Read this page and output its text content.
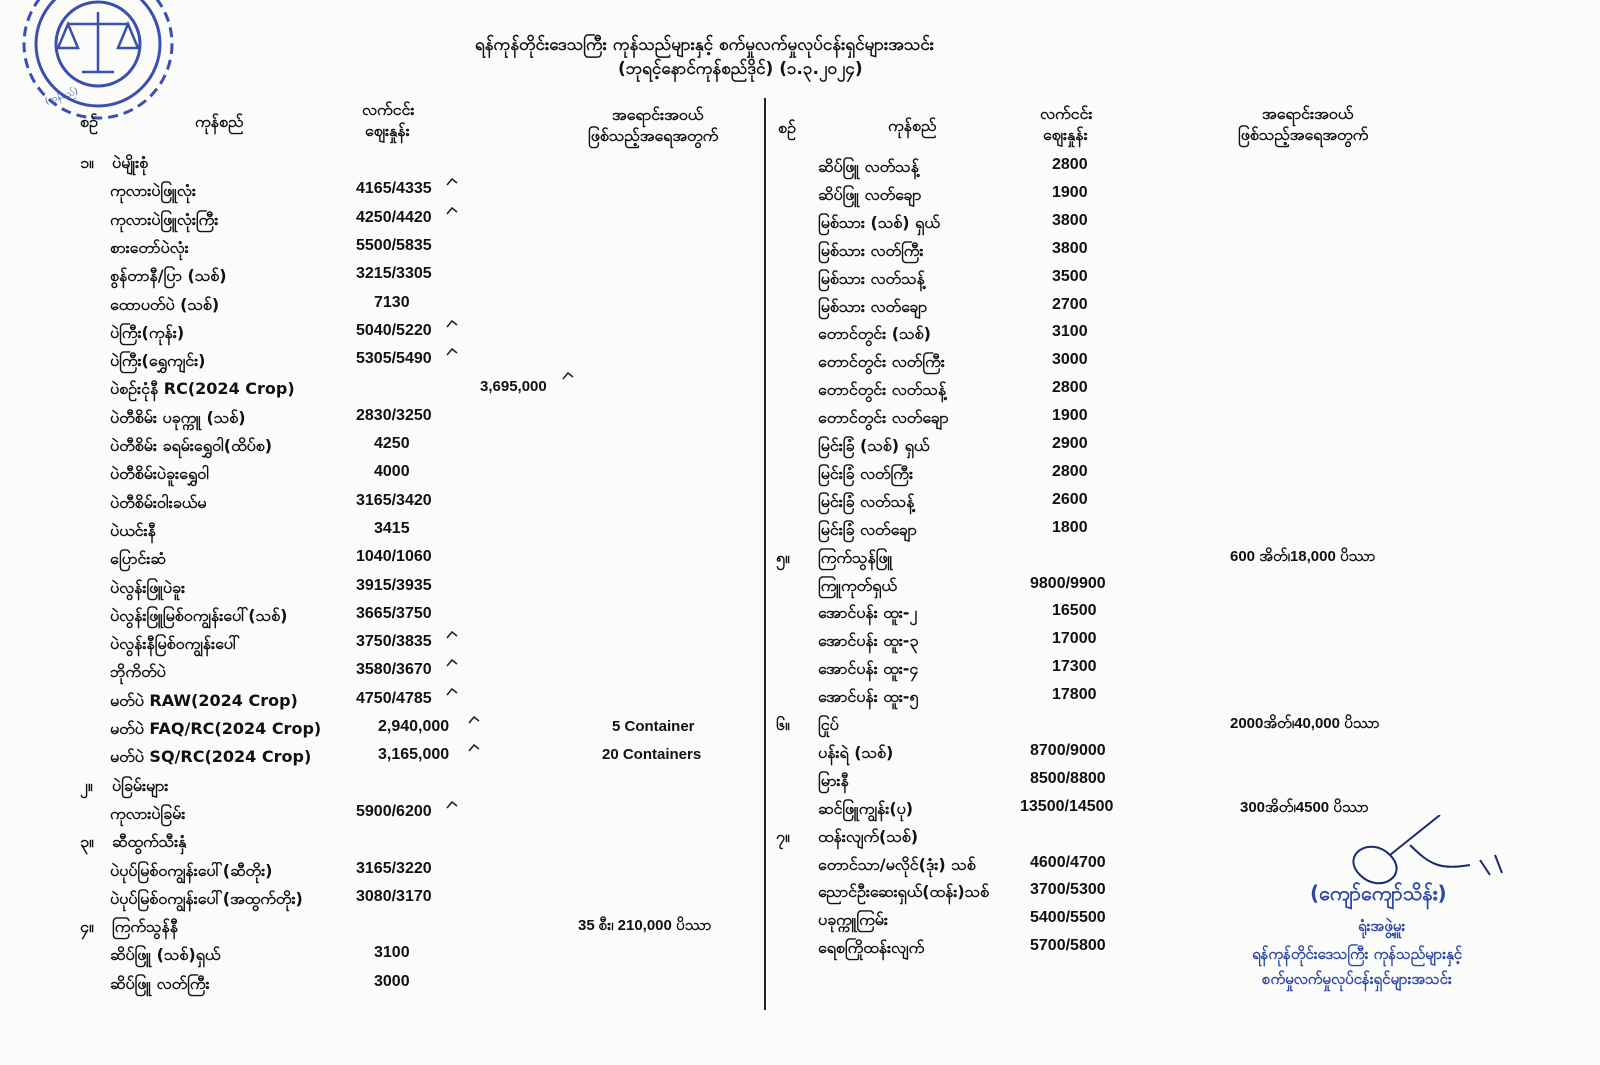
(ကုန်စည်)
ရန်ကုန်တိုင်းဒေသကြီး ကုန်သည်များနှင့် စက်မှုလက်မှုလုပ်ငန်းရှင်များအသင်း
(ဘုရင့်နောင်ကုန်စည်ဒိုင်) (၁.၃.၂၀၂၄)
စဉ်	ကုန်စည်
လက်ငင်း
ဈေးနှုန်း
အရောင်းအဝယ်
ဖြစ်သည့်အရေအတွက်	စဉ်	ကုန်စည်
လက်ငင်း
ဈေးနှုန်း
အရောင်းအဝယ်
ဖြစ်သည့်အရေအတွက်
၁။ ပဲမျိုးစုံ
ကုလားပဲဖြူလုံး	4165/4335
ကုလားပဲဖြူလုံးကြီး	4250/4420
စားတော်ပဲလုံး	5500/5835
စွန်တာနီ/ပြာ (သစ်)	3215/3305
ထောပတ်ပဲ (သစ်)	7130
ပဲကြီး(ကုန်း)	5040/5220
ပဲကြီး(ရွှေကျင်း)	5305/5490
ပဲစဉ်းငုံနီ RC(2024 Crop)	3,695,000
ပဲတီစိမ်း ပခုက္ကူ (သစ်)	2830/3250
ပဲတီစိမ်း ခရမ်းရွှေဝါ(ထိပ်စ)	4250
ပဲတီစိမ်းပဲခူးရွှေဝါ	4000
ပဲတီစိမ်းဝါးခယ်မ	3165/3420
ပဲယင်းနီ	3415
ပြောင်းဆံ	1040/1060
ပဲလွန်းဖြူပဲခူး	3915/3935
ပဲလွန်းဖြူမြစ်ဝကျွန်းပေါ်(သစ်)	3665/3750
ပဲလွန်းနီမြစ်ဝကျွန်းပေါ်	3750/3835
ဘိုကိတ်ပဲ	3580/3670
မတ်ပဲ RAW(2024 Crop)	4750/4785
မတ်ပဲ FAQ/RC(2024 Crop)	2,940,000	5 Container
မတ်ပဲ SQ/RC(2024 Crop)	3,165,000	20 Containers
၂။ ပဲခြမ်းများ
ကုလားပဲခြမ်း	5900/6200
၃။ ဆီထွက်သီးနှံ
ပဲပုပ်မြစ်ဝကျွန်းပေါ်(ဆီတိုး)	3165/3220
ပဲပုပ်မြစ်ဝကျွန်းပေါ်(အထွက်တိုး)	3080/3170
၄။ ကြက်သွန်နီ	35 စီး၊ 210,000 ပိဿာ
ဆိပ်ဖြူ (သစ်)ရှယ်	3100
ဆိပ်ဖြူ လတ်ကြီး	3000
ဆိပ်ဖြူ လတ်သန့်	2800
ဆိပ်ဖြူ လတ်ချော	1900
မြစ်သား (သစ်) ရှယ်	3800
မြစ်သား လတ်ကြီး	3800
မြစ်သား လတ်သန့်	3500
မြစ်သား လတ်ချော	2700
တောင်တွင်း (သစ်)	3100
တောင်တွင်း လတ်ကြီး	3000
တောင်တွင်း လတ်သန့်	2800
တောင်တွင်း လတ်ချော	1900
မြင်းခြံ (သစ်) ရှယ်	2900
မြင်းခြံ လတ်ကြီး	2800
မြင်းခြံ လတ်သန့်	2600
မြင်းခြံ လတ်ချော	1800
၅။ ကြက်သွန်ဖြူ	600 အိတ်၊18,000 ပိဿာ
ကြူကုတ်ရှယ်	9800/9900
အောင်ပန်း ထူး-၂	16500
အောင်ပန်း ထူး-၃	17000
အောင်ပန်း ထူး-၄	17300
အောင်ပန်း ထူး-၅	17800
၆။ ငြုပ်	2000အိတ်၊40,000 ပိဿာ
ပန်းရဲ (သစ်)	8700/9000
မြားနီ	8500/8800
ဆင်ဖြူကျွန်း(ပု)	13500/14500	300အိတ်၊4500 ပိဿာ
၇။ ထန်းလျက်(သစ်)
တောင်သာ/မလိုင်(ဒုံး) သစ်	4600/4700
ညောင်ဦးဆေးရှယ်(ထန်း)သစ်	3700/5300
ပခုက္ကူကြမ်း	5400/5500
ရေစကြိုထန်းလျက်	5700/5800
(ကျော်ကျော်သိန်း)
ရုံးအဖွဲ့မှူး
ရန်ကုန်တိုင်းဒေသကြီး ကုန်သည်များနှင့်
စက်မှုလက်မှုလုပ်ငန်းရှင်များအသင်း
